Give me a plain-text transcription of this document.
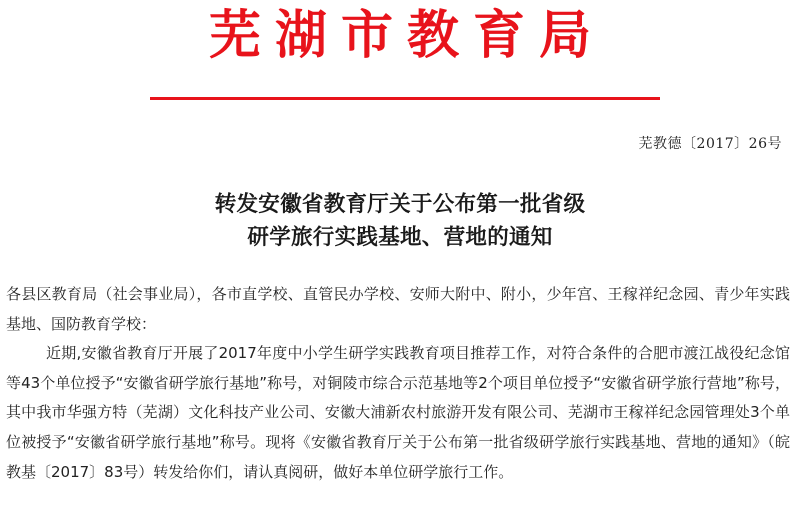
芜湖市教育局
芜教德〔2017〕26号
转发安徽省教育厅关于公布第一批省级
研学旅行实践基地、营地的通知

各县区教育局（社会事业局），各市直学校、直管民办学校、安师大附中、附小，少年宫、王稼祥纪念园、青少年实践基地、国防教育学校：

近期,安徽省教育厅开展了2017年度中小学生研学实践教育项目推荐工作，对符合条件的合肥市渡江战役纪念馆等43个单位授予“安徽省研学旅行基地”称号，对铜陵市综合示范基地等2个项目单位授予“安徽省研学旅行营地”称号，其中我市华强方特（芜湖）文化科技产业公司、安徽大浦新农村旅游开发有限公司、芜湖市王稼祥纪念园管理处3个单位被授予“安徽省研学旅行基地”称号。现将《安徽省教育厅关于公布第一批省级研学旅行实践基地、营地的通知》（皖教基〔2017〕83号）转发给你们，请认真阅研，做好本单位研学旅行工作。
